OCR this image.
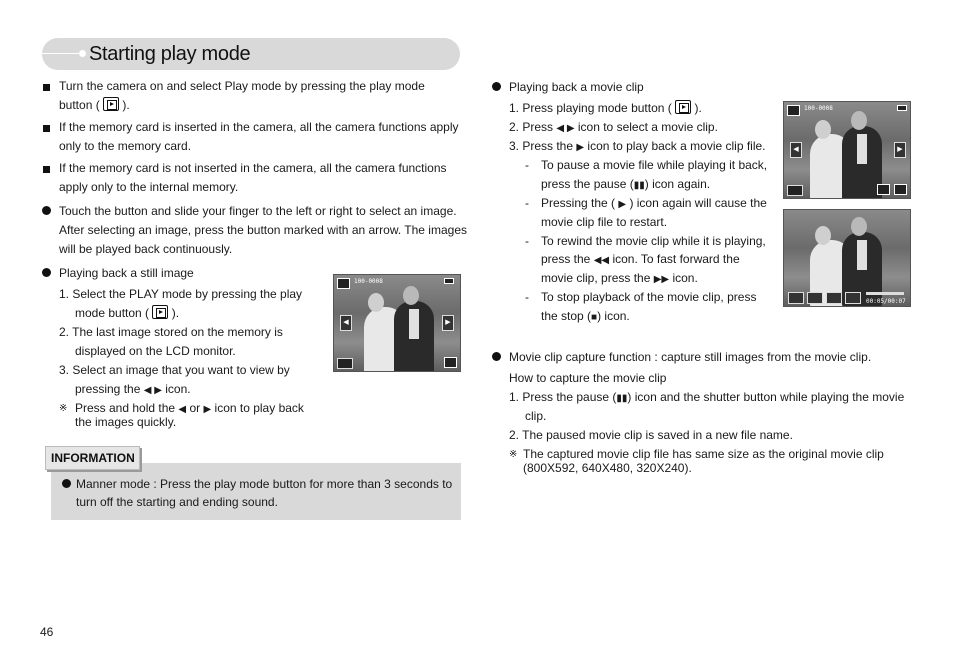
Starting play mode
Turn the camera on and select Play mode by pressing the play mode
button ( ).
If the memory card is inserted in the camera, all the camera functions apply
only to the memory card.
If the memory card is not inserted in the camera, all the camera functions
apply only to the internal memory.
Touch the button and slide your finger to the left or right to select an image.
After selecting an image, press the button marked with an arrow. The images
will be played back continuously.
Playing back a still image
1. Select the PLAY mode by pressing the play
mode button ( ).
2. The last image stored on the memory is
displayed on the LCD monitor.
3. Select an image that you want to view by
pressing the ◀ ▶ icon.
※ Press and hold the ◀ or ▶ icon to play back
the images quickly.
100-0008
◀	▶
Manner mode : Press the play mode button for more than 3 seconds to
turn off the starting and ending sound.
INFORMATION
Playing back a movie clip
1. Press playing mode button ( ).
2. Press ◀ ▶ icon to select a movie clip.
3. Press the ▶ icon to play back a movie clip file.
- To pause a movie file while playing it back,
press the pause (▮▮) icon again.
- Pressing the ( ▶ ) icon again will cause the
movie clip file to restart.
- To rewind the movie clip while it is playing,
press the ◀◀ icon. To fast forward the
movie clip, press the ▶▶ icon.
- To stop playback of the movie clip, press
the stop (■) icon.
100-0008
◀	▶
00:05/00:07
Movie clip capture function : capture still images from the movie clip.
How to capture the movie clip
1. Press the pause (▮▮) icon and the shutter button while playing the movie
clip.
2. The paused movie clip is saved in a new file name.
※ The captured movie clip file has same size as the original movie clip
(800X592, 640X480, 320X240).
46
